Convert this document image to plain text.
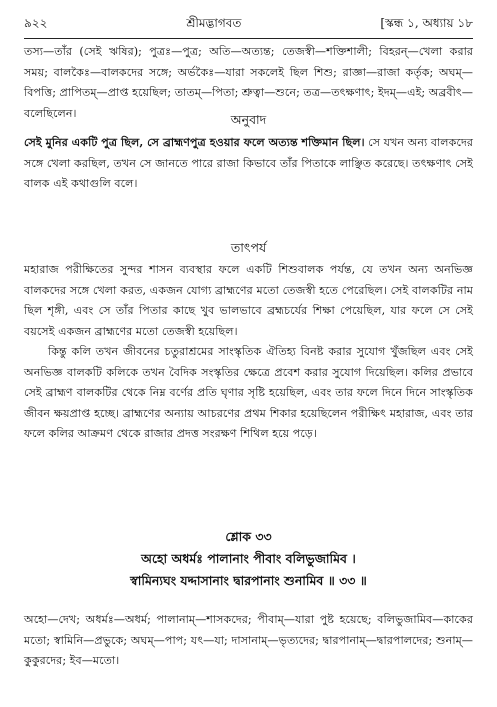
৯২২	শ্রীমদ্ভাগবত	[স্কন্ধ ১, অধ্যায় ১৮

তস্য—তাঁর (সেই ঋষির); পুত্রঃ—পুত্র; অতি—অত্যন্ত; তেজস্বী—শক্তিশালী; বিহরন্—খেলা করার সময়; বালকৈঃ—বালকদের সঙ্গে; অর্ভকৈঃ—যারা সকলেই ছিল শিশু; রাজ্ঞা—রাজা কর্তৃক; অঘম্—বিপত্তি; প্রাপিতম্—প্রাপ্ত হয়েছিল; তাতম্—পিতা; শ্রুত্বা—শুনে; তত্র—তৎক্ষণাৎ; ইদম্—এই; অব্রবীৎ—বলেছিলেন।	অনুবাদ

সেই মুনির একটি পুত্র ছিল, সে ব্রাহ্মণপুত্র হওয়ার ফলে অত্যন্ত শক্তিমান ছিল। সে যখন অন্য বালকদের সঙ্গে খেলা করছিল, তখন সে জানতে পারে রাজা কিভাবে তাঁর পিতাকে লাঞ্ছিত করেছে। তৎক্ষণাৎ সেই বালক এই কথাগুলি বলে।

তাৎপর্য

মহারাজ পরীক্ষিতের সুন্দর শাসন ব্যবস্থার ফলে একটি শিশুবালক পর্যন্ত, যে তখন অন্য অনভিজ্ঞ বালকদের সঙ্গে খেলা করত, একজন যোগ্য ব্রাহ্মণের মতো তেজস্বী হতে পেরেছিল। সেই বালকটির নাম ছিল শৃঙ্গী, এবং সে তাঁর পিতার কাছে খুব ভালভাবে ব্রহ্মচর্যের শিক্ষা পেয়েছিল, যার ফলে সে সেই বয়সেই একজন ব্রাহ্মণের মতো তেজস্বী হয়েছিল।

কিন্তু কলি তখন জীবনের চতুরাশ্রমের সাংস্কৃতিক ঐতিহ্য বিনষ্ট করার সুযোগ খুঁজছিল এবং সেই অনভিজ্ঞ বালকটি কলিকে তখন বৈদিক সংস্কৃতির ক্ষেত্রে প্রবেশ করার সুযোগ দিয়েছিল। কলির প্রভাবে সেই ব্রাহ্মণ বালকটির থেকে নিম্ন বর্ণের প্রতি ঘৃণার সৃষ্টি হয়েছিল, এবং তার ফলে দিনে দিনে সাংস্কৃতিক জীবন ক্ষয়প্রাপ্ত হচ্ছে। ব্রাহ্মণের অন্যায় আচরণের প্রথম শিকার হয়েছিলেন পরীক্ষিৎ মহারাজ, এবং তার ফলে কলির আক্রমণ থেকে রাজার প্রদত্ত সংরক্ষণ শিথিল হয়ে পড়ে।

শ্লোক ৩৩
অহো অধর্মঃ পালানাং পীবাং বলিভুজামিব ।
স্বামিন্যঘং যদ্দাসানাং দ্বারপানাং শুনামিব ॥ ৩৩ ॥

অহো—দেখ; অধর্মঃ—অধর্ম; পালানাম্—শাসকদের; পীবাম্—যারা পুষ্ট হয়েছে; বলিভুজামিব—কাকের মতো; স্বামিনি—প্রভুকে; অঘম্—পাপ; যৎ—যা; দাসানাম্—ভৃত্যদের; দ্বারপানাম্—দ্বারপালদের; শুনাম্—কুকুরদের; ইব—মতো।
